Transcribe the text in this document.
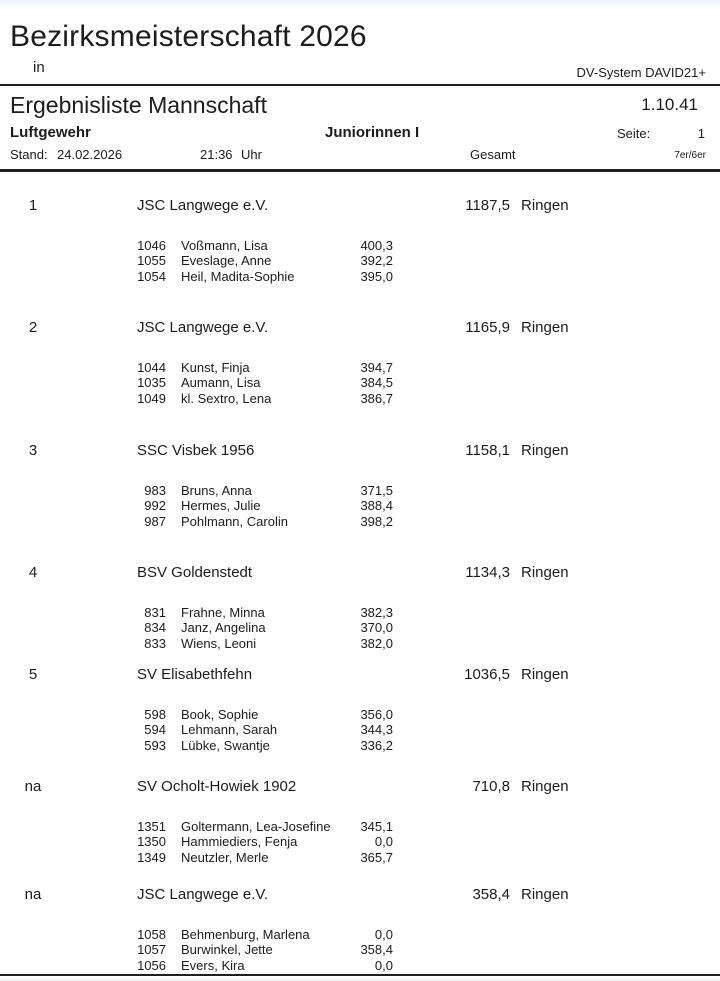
Bezirksmeisterschaft 2026
in	DV-System DAVID21+
Ergebnisliste Mannschaft	1.10.41
Luftgewehr	Juniorinnen I	Seite:	1
Stand: 24.02.2026	21:36 Uhr	Gesamt	7er/6er
1	JSC Langwege e.V.	1187,5 Ringen
1046 Voßmann, Lisa	400,3
1055 Eveslage, Anne	392,2
1054 Heil, Madita-Sophie	395,0
2	JSC Langwege e.V.	1165,9 Ringen
1044 Kunst, Finja	394,7
1035 Aumann, Lisa	384,5
1049 kl. Sextro, Lena	386,7
3	SSC Visbek 1956	1158,1 Ringen
983 Bruns, Anna	371,5
992 Hermes, Julie	388,4
987 Pohlmann, Carolin	398,2
4	BSV Goldenstedt	1134,3 Ringen
831 Frahne, Minna	382,3
834 Janz, Angelina	370,0
833 Wiens, Leoni	382,0
5	SV Elisabethfehn	1036,5 Ringen
598 Book, Sophie	356,0
594 Lehmann, Sarah	344,3
593 Lübke, Swantje	336,2
na	SV Ocholt-Howiek 1902	710,8 Ringen
1351 Goltermann, Lea-Josefine	345,1
1350 Hammiediers, Fenja	0,0
1349 Neutzler, Merle	365,7
na	JSC Langwege e.V.	358,4 Ringen
1058 Behmenburg, Marlena	0,0
1057 Burwinkel, Jette	358,4
1056 Evers, Kira	0,0
